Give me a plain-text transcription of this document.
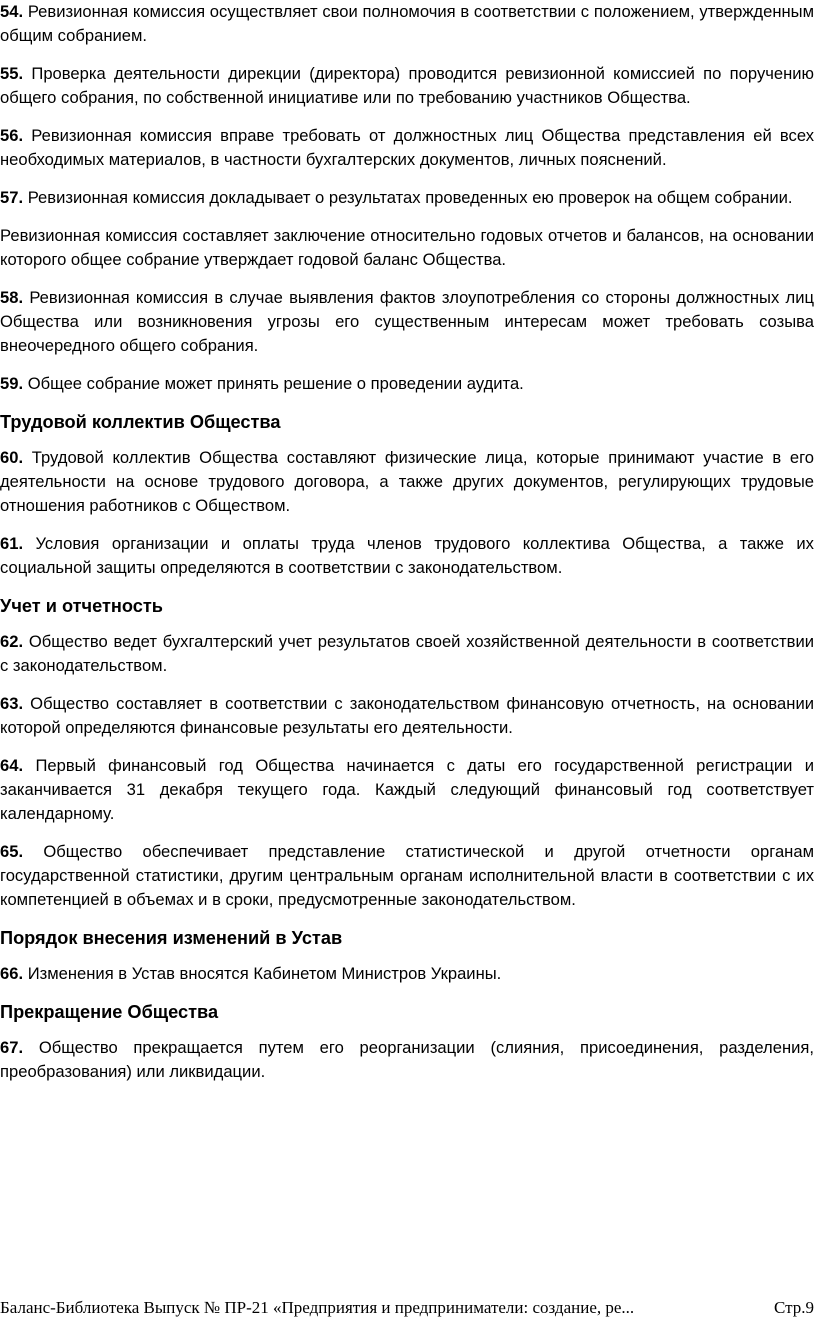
54. Ревизионная комиссия осуществляет свои полномочия в соответствии с положением, утвержденным общим собранием.

55. Проверка деятельности дирекции (директора) проводится ревизионной комиссией по поручению общего собрания, по собственной инициативе или по требованию участников Общества.

56. Ревизионная комиссия вправе требовать от должностных лиц Общества представления ей всех необходимых материалов, в частности бухгалтерских документов, личных пояснений.

57. Ревизионная комиссия докладывает о результатах проведенных ею проверок на общем собрании.

Ревизионная комиссия составляет заключение относительно годовых отчетов и балансов, на основании которого общее собрание утверждает годовой баланс Общества.

58. Ревизионная комиссия в случае выявления фактов злоупотребления со стороны должностных лиц Общества или возникновения угрозы его существенным интересам может требовать созыва внеочередного общего собрания.

59. Общее собрание может принять решение о проведении аудита.

Трудовой коллектив Общества

60. Трудовой коллектив Общества составляют физические лица, которые принимают участие в его деятельности на основе трудового договора, а также других документов, регулирующих трудовые отношения работников с Обществом.

61. Условия организации и оплаты труда членов трудового коллектива Общества, а также их социальной защиты определяются в соответствии с законодательством.

Учет и отчетность

62. Общество ведет бухгалтерский учет результатов своей хозяйственной деятельности в соответствии с законодательством.

63. Общество составляет в соответствии с законодательством финансовую отчетность, на основании которой определяются финансовые результаты его деятельности.

64. Первый финансовый год Общества начинается с даты его государственной регистрации и заканчивается 31 декабря текущего года. Каждый следующий финансовый год соответствует календарному.

65. Общество обеспечивает представление статистической и другой отчетности органам государственной статистики, другим центральным органам исполнительной власти в соответствии с их компетенцией в объемах и в сроки, предусмотренные законодательством.

Порядок внесения изменений в Устав

66. Изменения в Устав вносятся Кабинетом Министров Украины.

Прекращение Общества

67. Общество прекращается путем его реорганизации (слияния, присоединения, разделения, преобразования) или ликвидации.

Баланс-Библиотека Выпуск № ПР-21 «Предприятия и предприниматели: создание, ре...	Стр.9
